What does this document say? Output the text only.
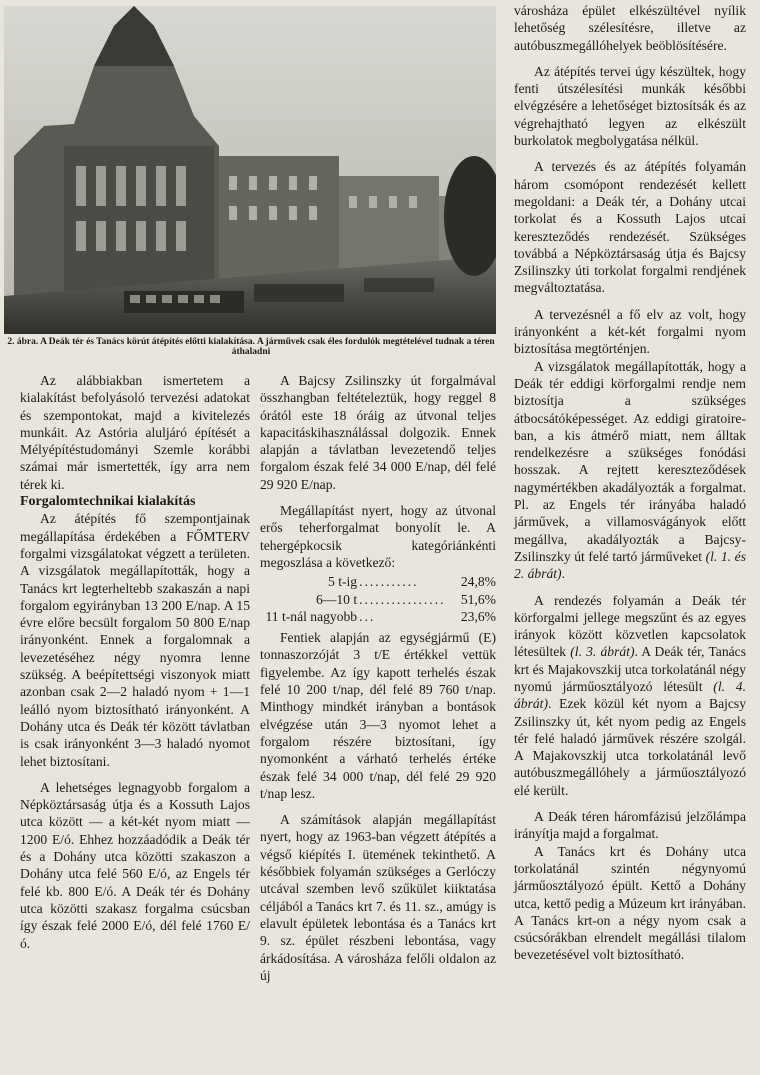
2. ábra. A Deák tér és Tanács körút átépítés előtti kialakítása. A járművek csak éles fordulók megtételével tudnak a téren áthaladni

Az alábbiakban ismertetem a kialakítást befolyásoló tervezési adatokat és szempontokat, majd a kivitelezés munkáit. Az Astória aluljáró építését a Mélyépítéstudományi Szemle korábbi számai már ismertették, így arra nem térek ki.

Forgalomtechnikai kialakítás

Az átépítés fő szempontjainak megállapítása érdekében a FŐMTERV forgalmi vizsgálatokat végzett a területen. A vizsgálatok megállapították, hogy a Tanács krt legterheltebb szakaszán a napi forgalom egyirányban 13 200 E/nap. A 15 évre előre becsült forgalom 50 800 E/nap irányonként. Ennek a forgalomnak a levezetéséhez négy nyomra lenne szükség. A beépítettségi viszonyok miatt azonban csak 2—2 haladó nyom + 1—1 leálló nyom biztosítható irányonként. A Dohány utca és Deák tér között távlatban is csak irányonként 3—3 haladó nyomot lehet biztosítani.

A lehetséges legnagyobb forgalom a Népköztársaság útja és a Kossuth Lajos utca között — a két-két nyom miatt — 1200 E/ó. Ehhez hozzáadódik a Deák tér és a Dohány utca közötti szakaszon a Dohány utca felé 560 E/ó, az Engels tér felé kb. 800 E/ó. A Deák tér és Dohány utca közötti szakasz forgalma csúcsban így észak felé 2000 E/ó, dél felé 1760 E/ó.

A Bajcsy Zsilinszky út forgalmával összhangban feltételeztük, hogy reggel 8 órától este 18 óráig az útvonal teljes kapacitáskihasználással dolgozik. Ennek alapján a távlatban levezetendő teljes forgalom észak felé 34 000 E/nap, dél felé 29 920 E/nap.

Megállapítást nyert, hogy az útvonal erős teherforgalmat bonyolít le. A tehergépkocsik kategóriánkénti megoszlása a következő:

5 t-ig	...........	24,8%
6—10 t	................	51,6%
11 t-nál nagyobb	...	23,6%

Fentiek alapján az egységjármű (E) tonnaszorzóját 3 t/E értékkel vettük figyelembe. Az így kapott terhelés észak felé 10 200 t/nap, dél felé 89 760 t/nap. Minthogy mindkét irányban a bontások elvégzése után 3—3 nyomot lehet a forgalom részére biztosítani, így nyomonként a várható terhelés értéke észak felé 34 000 t/nap, dél felé 29 920 t/nap lesz.

A számítások alapján megállapítást nyert, hogy az 1963-ban végzett átépítés a végső kiépítés I. ütemének tekinthető. A későbbiek folyamán szükséges a Gerlóczy utcával szemben levő szűkület kiiktatása céljából a Tanács krt 7. és 11. sz., amúgy is elavult épületek lebontása és a Tanács krt 9. sz. épület részbeni lebontása, vagy árkádosítása. A városháza felőli oldalon az új

városháza épület elkészültével nyílik lehetőség szélesítésre, illetve az autóbuszmegállóhelyek beöblösítésére.

Az átépítés tervei úgy készültek, hogy fenti útszélesítési munkák későbbi elvégzésére a lehetőséget biztosítsák és az végrehajtható legyen az elkészült burkolatok megbolygatása nélkül.

A tervezés és az átépítés folyamán három csomópont rendezését kellett megoldani: a Deák tér, a Dohány utcai torkolat és a Kossuth Lajos utcai kereszteződés rendezését. Szükséges továbbá a Népköztársaság útja és Bajcsy Zsilinszky úti torkolat forgalmi rendjének megváltoztatása.

A tervezésnél a fő elv az volt, hogy irányonként a két-két forgalmi nyom biztosítása megtörténjen.

A vizsgálatok megállapították, hogy a Deák tér eddigi körforgalmi rendje nem biztosítja a szükséges átbocsátóképességet. Az eddigi giratoire-ban, a kis átmérő miatt, nem álltak rendelkezésre a szükséges fonódási hosszak. A rejtett kereszteződések nagymértékben akadályozták a forgalmat. Pl. az Engels tér irányába haladó járművek, a villamosvágányok előtt megállva, akadályozták a Bajcsy-Zsilinszky út felé tartó járműveket (l. 1. és 2. ábrát).

A rendezés folyamán a Deák tér körforgalmi jellege megszűnt és az egyes irányok között közvetlen kapcsolatok létesültek (l. 3. ábrát). A Deák tér, Tanács krt és Majakovszkij utca torkolatánál négy nyomú járműosztályozó létesült (l. 4. ábrát). Ezek közül két nyom a Bajcsy Zsilinszky út, két nyom pedig az Engels tér felé haladó járművek részére szolgál. A Majakovszkij utca torkolatánál levő autóbuszmegállóhely a járműosztályozó elé került.

A Deák téren háromfázisú jelzőlámpa irányítja majd a forgalmat.

A Tanács krt és Dohány utca torkolatánál szintén négynyomú járműosztályozó épült. Kettő a Dohány utca, kettő pedig a Múzeum krt irányában. A Tanács krt-on a négy nyom csak a csúcsórákban elrendelt megállási tilalom bevezetésével volt biztosítható.
